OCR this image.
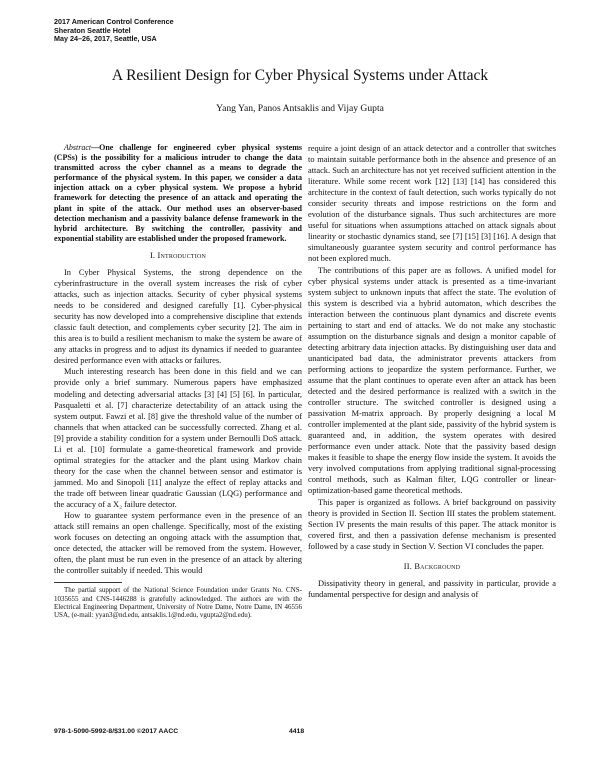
2017 American Control Conference
Sheraton Seattle Hotel
May 24–26, 2017, Seattle, USA
A Resilient Design for Cyber Physical Systems under Attack
Yang Yan, Panos Antsaklis and Vijay Gupta

Abstract—One challenge for engineered cyber physical systems (CPSs) is the possibility for a malicious intruder to change the data transmitted across the cyber channel as a means to degrade the performance of the physical system. In this paper, we consider a data injection attack on a cyber physical system. We propose a hybrid framework for detecting the presence of an attack and operating the plant in spite of the attack. Our method uses an observer-based detection mechanism and a passivity balance defense framework in the hybrid architecture. By switching the controller, passivity and exponential stability are established under the proposed framework.

I. Introduction

In Cyber Physical Systems, the strong dependence on the cyberinfrastructure in the overall system increases the risk of cyber attacks, such as injection attacks. Security of cyber physical systems needs to be considered and designed carefully [1]. Cyber-physical security has now developed into a comprehensive discipline that extends classic fault detection, and complements cyber security [2]. The aim in this area is to build a resilient mechanism to make the system be aware of any attacks in progress and to adjust its dynamics if needed to guarantee desired performance even with attacks or failures.

Much interesting research has been done in this field and we can provide only a brief summary. Numerous papers have emphasized modeling and detecting adversarial attacks [3] [4] [5] [6]. In particular, Pasqualetti et al. [7] characterize detectability of an attack using the system output. Fawzi et al. [8] give the threshold value of the number of channels that when attacked can be successfully corrected. Zhang et al. [9] provide a stability condition for a system under Bernoulli DoS attack. Li et al. [10] formulate a game-theoretical framework and provide optimal strategies for the attacker and the plant using Markov chain theory for the case when the channel between sensor and estimator is jammed. Mo and Sinopoli [11] analyze the effect of replay attacks and the trade off between linear quadratic Gaussian (LQG) performance and the accuracy of a X₂ failure detector.

How to guarantee system performance even in the presence of an attack still remains an open challenge. Specifically, most of the existing work focuses on detecting an ongoing attack with the assumption that, once detected, the attacker will be removed from the system. However, often, the plant must be run even in the presence of an attack by altering the controller suitably if needed. This would

The partial support of the National Science Foundation under Grants No. CNS-1035655 and CNS-1446288 is gratefully acknowledged. The authors are with the Electrical Engineering Department, University of Notre Dame, Notre Dame, IN 46556 USA, (e-mail: yyan3@nd.edu, antsaklis.1@nd.edu, vgupta2@nd.edu).

require a joint design of an attack detector and a controller that switches to maintain suitable performance both in the absence and presence of an attack. Such an architecture has not yet received sufficient attention in the literature. While some recent work [12] [13] [14] has considered this architecture in the context of fault detection, such works typically do not consider security threats and impose restrictions on the form and evolution of the disturbance signals. Thus such architectures are more useful for situations when assumptions attached on attack signals about linearity or stochastic dynamics stand, see [7] [15] [3] [16]. A design that simultaneously guarantee system security and control performance has not been explored much.

The contributions of this paper are as follows. A unified model for cyber physical systems under attack is presented as a time-invariant system subject to unknown inputs that affect the state. The evolution of this system is described via a hybrid automaton, which describes the interaction between the continuous plant dynamics and discrete events pertaining to start and end of attacks. We do not make any stochastic assumption on the disturbance signals and design a monitor capable of detecting arbitrary data injection attacks. By distinguishing user data and unanticipated bad data, the administrator prevents attackers from performing actions to jeopardize the system performance. Further, we assume that the plant continues to operate even after an attack has been detected and the desired performance is realized with a switch in the controller structure. The switched controller is designed using a passivation M-matrix approach. By properly designing a local M controller implemented at the plant side, passivity of the hybrid system is guaranteed and, in addition, the system operates with desired performance even under attack. Note that the passivity based design makes it feasible to shape the energy flow inside the system. It avoids the very involved computations from applying traditional signal-processing control methods, such as Kalman filter, LQG controller or linear-optimization-based game theoretical methods.

This paper is organized as follows. A brief background on passivity theory is provided in Section II. Section III states the problem statement. Section IV presents the main results of this paper. The attack monitor is covered first, and then a passivation defense mechanism is presented followed by a case study in Section V. Section VI concludes the paper.

II. Background

Dissipativity theory in general, and passivity in particular, provide a fundamental perspective for design and analysis of

978-1-5090-5992-8/$31.00 ©2017 AACC	4418
